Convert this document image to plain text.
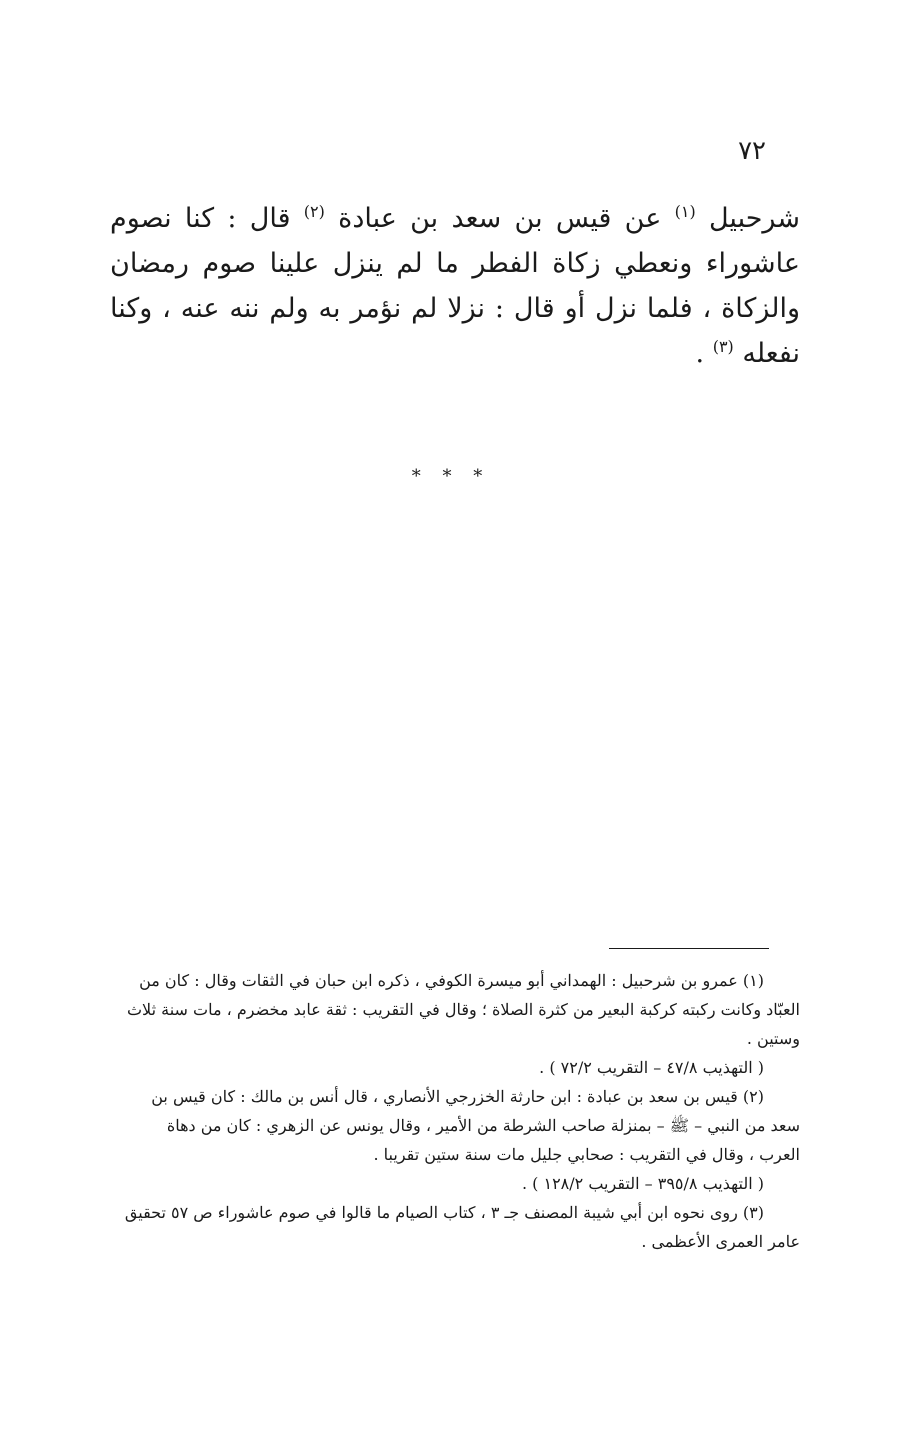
٧٢

شرحبيل $^{(١)}$ عن قيس بن سعد بن عبادة $^{(٢)}$ قال : كنا نصوم عاشوراء ونعطي زكاة الفطر ما لم ينزل علينا صوم رمضان والزكاة ، فلما نزل أو قال : نزلا لم نؤمر به ولم ننه عنه ، وكنا نفعله $^{(٣)}$ .

* * *

(١) عمرو بن شرحبيل : الهمداني أبو ميسرة الكوفي ، ذكره ابن حبان في الثقات وقال : كان من

العبّاد وكانت ركبته كركبة البعير من كثرة الصلاة ؛ وقال في التقريب : ثقة عابد مخضرم ، مات سنة ثلاث

وستين .

( التهذيب ٤٧/٨ – التقريب ٧٢/٢ ) .

(٢) قيس بن سعد بن عبادة : ابن حارثة الخزرجي الأنصاري ، قال أنس بن مالك : كان قيس بن

سعد من النبي – ﷺ – بمنزلة صاحب الشرطة من الأمير ، وقال يونس عن الزهري : كان من دهاة

العرب ، وقال في التقريب : صحابي جليل مات سنة ستين تقريبا .

( التهذيب ٣٩٥/٨ – التقريب ١٢٨/٢ ) .

(٣) روى نحوه ابن أبي شيبة المصنف جـ ٣ ، كتاب الصيام ما قالوا في صوم عاشوراء ص ٥٧ تحقيق

عامر العمرى الأعظمى .
